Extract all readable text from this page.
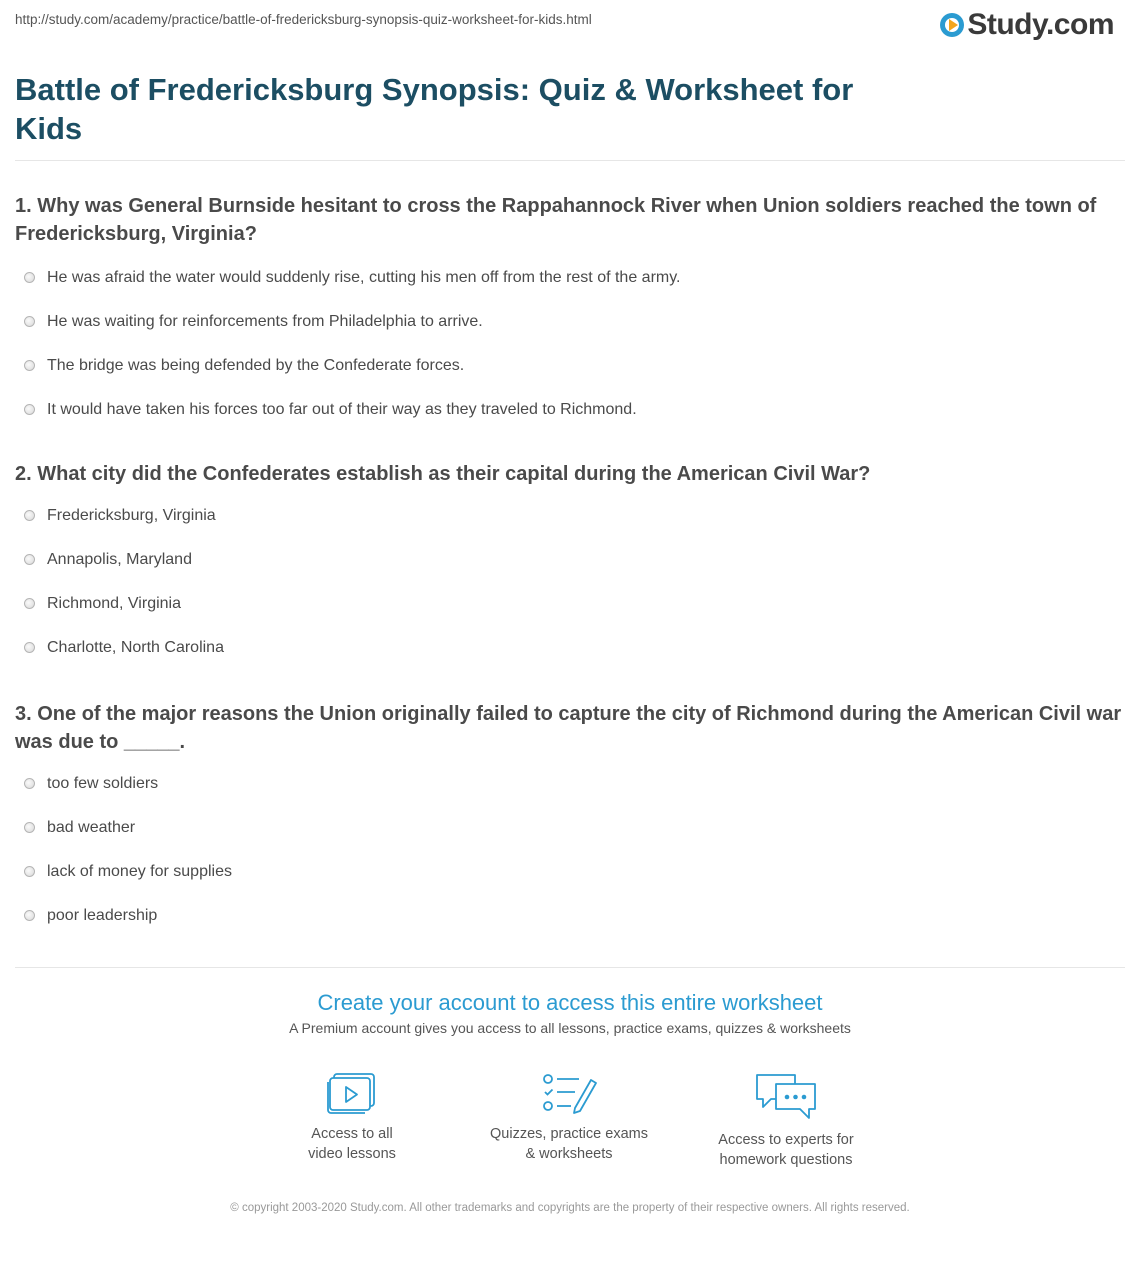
http://study.com/academy/practice/battle-of-fredericksburg-synopsis-quiz-worksheet-for-kids.html	Study.com
Battle of Fredericksburg Synopsis: Quiz & Worksheet for Kids
1. Why was General Burnside hesitant to cross the Rappahannock River when Union soldiers reached the town of Fredericksburg, Virginia?
He was afraid the water would suddenly rise, cutting his men off from the rest of the army.
He was waiting for reinforcements from Philadelphia to arrive.
The bridge was being defended by the Confederate forces.
It would have taken his forces too far out of their way as they traveled to Richmond.
2. What city did the Confederates establish as their capital during the American Civil War?
Fredericksburg, Virginia
Annapolis, Maryland
Richmond, Virginia
Charlotte, North Carolina
3. One of the major reasons the Union originally failed to capture the city of Richmond during the American Civil war was due to _____.
too few soldiers
bad weather
lack of money for supplies
poor leadership
Create your account to access this entire worksheet
A Premium account gives you access to all lessons, practice exams, quizzes & worksheets
Access to all
video lessons
Quizzes, practice exams
& worksheets
Access to experts for
homework questions
© copyright 2003-2020 Study.com. All other trademarks and copyrights are the property of their respective owners. All rights reserved.
